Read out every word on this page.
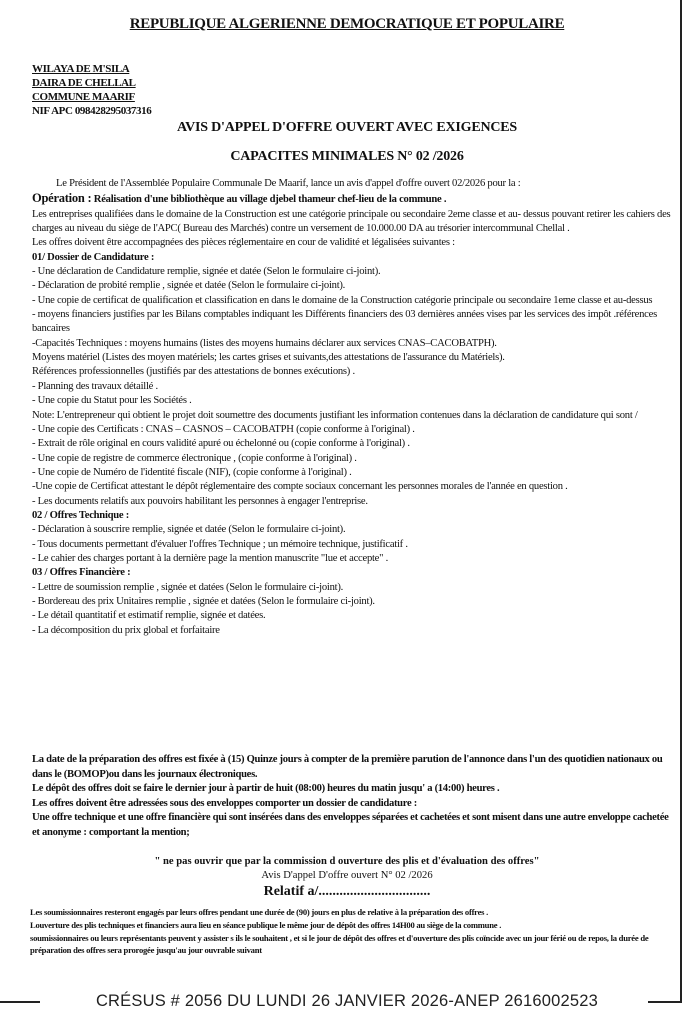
REPUBLIQUE ALGERIENNE DEMOCRATIQUE ET POPULAIRE
WILAYA DE M'SILA
DAIRA DE CHELLAL
COMMUNE MAARIF
NIF APC 098428295037316
AVIS D'APPEL D'OFFRE OUVERT AVEC EXIGENCES
CAPACITES MINIMALES N° 02 /2026
Le Président de l'Assemblée Populaire Communale De Maarif, lance un avis d'appel d'offre ouvert 02/2026 pour la :
Opération : Réalisation d'une bibliothèque au village djebel thameur chef-lieu de la commune .
Les entreprises qualifiées dans le domaine de la Construction est une catégorie principale ou secondaire 2eme classe et au- dessus pouvant retirer les cahiers des charges au niveau du siège de l'APC( Bureau des Marchés) contre un versement de 10.000.00 DA au trésorier intercommunal Chellal .
Les offres doivent être accompagnées des pièces réglementaire en cour de validité et légalisées suivantes :
01/ Dossier de Candidature :
- Une déclaration de Candidature remplie, signée et datée (Selon le formulaire ci-joint).
- Déclaration de probité remplie , signée et datée (Selon le formulaire ci-joint).
- Une copie de certificat de qualification et classification en dans le domaine de la Construction catégorie principale ou secondaire 1eme classe et au-dessus
- moyens financiers justifies par les Bilans comptables indiquant les Différents financiers des 03 dernières années vises par les services des impôt .références bancaires
-Capacités Techniques : moyens humains (listes des moyens humains déclarer aux services CNAS–CACOBATPH).
Moyens matériel (Listes des moyen matériels; les cartes grises et suivants,des attestations de l'assurance du Matériels).
Références professionnelles (justifiés par des attestations de bonnes exécutions) .
- Planning des travaux détaillé .
- Une copie du Statut pour les Sociétés .
Note: L'entrepreneur qui obtient le projet doit soumettre des documents justifiant les information contenues dans la déclaration de candidature qui sont /
- Une copie des Certificats : CNAS – CASNOS – CACOBATPH (copie conforme à l'original) .
- Extrait de rôle original en cours validité apuré ou échelonné ou (copie conforme à l'original) .
- Une copie de registre de commerce électronique , (copie conforme à l'original) .
- Une copie de Numéro de l'identité fiscale (NIF), (copie conforme à l'original) .
-Une copie de Certificat attestant le dépôt réglementaire des compte sociaux concernant les personnes morales de l'année en question .
- Les documents relatifs aux pouvoirs habilitant les personnes à engager l'entreprise.
02 / Offres Technique :
- Déclaration à souscrire remplie, signée et datée (Selon le formulaire ci-joint).
- Tous documents permettant d'évaluer l'offres Technique ; un mémoire technique, justificatif .
- Le cahier des charges portant à la dernière page la mention manuscrite "lue et accepte" .
03 / Offres Financière :
- Lettre de soumission remplie , signée et datées (Selon le formulaire ci-joint).
- Bordereau des prix Unitaires remplie , signée et datées (Selon le formulaire ci-joint).
- Le détail quantitatif et estimatif remplie, signée et datées.
- La décomposition du prix global et forfaitaire
La date de la préparation des offres est fixée à (15) Quinze jours à compter de la première parution de l'annonce dans l'un des quotidien nationaux ou dans le (BOMOP)ou dans les journaux électroniques.
Le dépôt des offres doit se faire le dernier jour à partir de huit (08:00) heures du matin jusqu' a (14:00) heures .
Les offres doivent être adressées sous des enveloppes comporter un dossier de candidature :
Une offre technique et une offre financière qui sont insérées dans des enveloppes séparées et cachetées et sont misent dans une autre enveloppe cachetée et anonyme : comportant la mention;
" ne pas ouvrir que par la commission d ouverture des plis et d'évaluation des offres"
Avis D'appel D'offre ouvert N° 02 /2026
Relatif a/................................
Les soumissionnaires resteront engagés par leurs offres pendant une durée de (90) jours en plus de relative à la préparation des offres .
Louverture des plis techniques et financiers aura lieu en séance publique le même jour de dépôt des offres 14H00 au siège de la commune .
soumissionnaires ou leurs représentants peuvent y assister s ils le souhaitent , et si le jour de dépôt des offres et d'ouverture des plis coïncide avec un jour férié ou de repos, la durée de préparation des offres sera prorogée jusqu'au jour ouvrable suivant
CRÉSUS # 2056 DU LUNDI 26 JANVIER 2026-ANEP 2616002523
